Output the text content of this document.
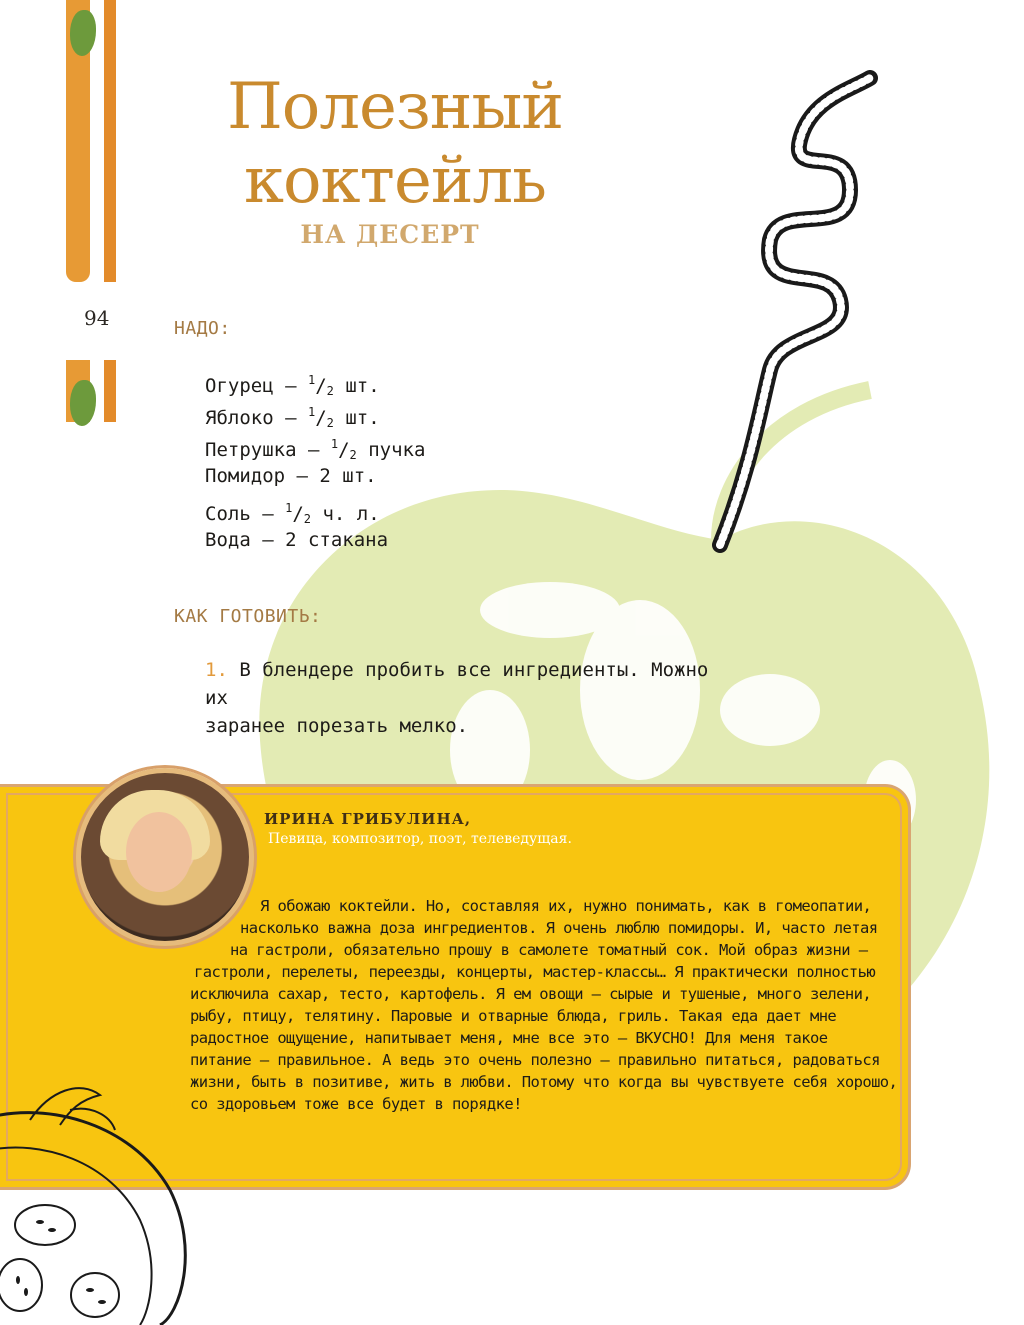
94
Полезный
коктейль
НА ДЕСЕРТ
НАДО:
Огурец — $^1/_2$ шт.
Яблоко — $^1/_2$ шт.
Петрушка — $^1/_2$ пучка
Помидор — 2 шт.
Соль — $^1/_2$ ч. л.
Вода — 2 стакана
КАК ГОТОВИТЬ:
1. В блендере пробить все ингредиенты. Можно их
заранее порезать мелко.
ИРИНА ГРИБУЛИНА,
Певица, композитор, поэт, телеведущая.
Я обожаю коктейли. Но, составляя их, нужно понимать, как в гомеопатии,
насколько важна доза ингредиентов. Я очень люблю помидоры. И, часто летая
на гастроли, обязательно прошу в самолете томатный сок. Мой образ жизни —
гастроли, перелеты, переезды, концерты, мастер-классы… Я практически полностью
исключила сахар, тесто, картофель. Я ем овощи — сырые и тушеные, много зелени,
рыбу, птицу, телятину. Паровые и отварные блюда, гриль. Такая еда дает мне
радостное ощущение, напитывает меня, мне все это — ВКУСНО! Для меня такое
питание — правильное. А ведь это очень полезно — правильно питаться, радоваться
жизни, быть в позитиве, жить в любви. Потому что когда вы чувствуете себя хорошо,
со здоровьем тоже все будет в порядке!
